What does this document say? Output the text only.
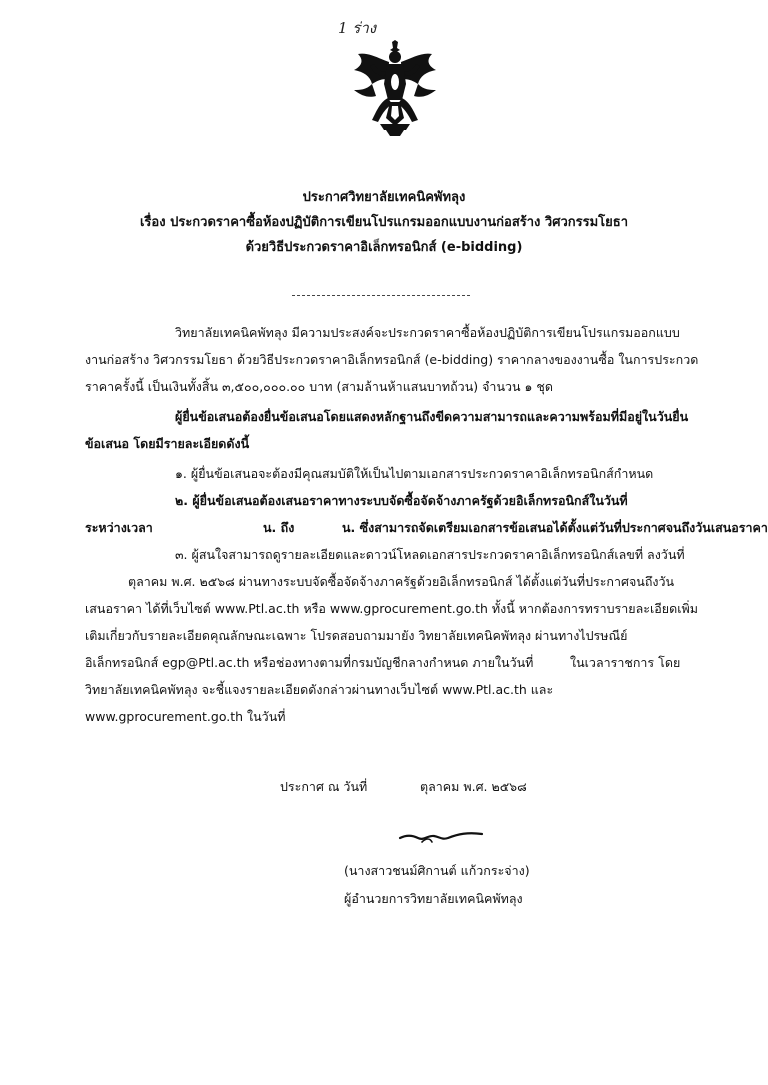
1 ร่าง
ประกาศวิทยาลัยเทคนิคพัทลุง
เรื่อง ประกวดราคาซื้อห้องปฏิบัติการเขียนโปรแกรมออกแบบงานก่อสร้าง วิศวกรรมโยธา
ด้วยวิธีประกวดราคาอิเล็กทรอนิกส์ (e-bidding)
วิทยาลัยเทคนิคพัทลุง มีความประสงค์จะประกวดราคาซื้อห้องปฏิบัติการเขียนโปรแกรมออกแบบ
งานก่อสร้าง วิศวกรรมโยธา ด้วยวิธีประกวดราคาอิเล็กทรอนิกส์ (e-bidding) ราคากลางของงานซื้อ ในการประกวด
ราคาครั้งนี้ เป็นเงินทั้งสิ้น ๓,๕๐๐,๐๐๐.๐๐ บาท (สามล้านห้าแสนบาทถ้วน) จำนวน ๑ ชุด
ผู้ยื่นข้อเสนอต้องยื่นข้อเสนอโดยแสดงหลักฐานถึงขีดความสามารถและความพร้อมที่มีอยู่ในวันยื่น
ข้อเสนอ โดยมีรายละเอียดดังนี้
๑. ผู้ยื่นข้อเสนอจะต้องมีคุณสมบัติให้เป็นไปตามเอกสารประกวดราคาอิเล็กทรอนิกส์กำหนด
๒. ผู้ยื่นข้อเสนอต้องเสนอราคาทางระบบจัดซื้อจัดจ้างภาครัฐด้วยอิเล็กทรอนิกส์ในวันที่
ระหว่างเวลา	น. ถึง	น. ซึ่งสามารถจัดเตรียมเอกสารข้อเสนอได้ตั้งแต่วันที่ประกาศจนถึงวันเสนอราคา
๓. ผู้สนใจสามารถดูรายละเอียดและดาวน์โหลดเอกสารประกวดราคาอิเล็กทรอนิกส์เลขที่ ลงวันที่
ตุลาคม พ.ศ. ๒๕๖๘ ผ่านทางระบบจัดซื้อจัดจ้างภาครัฐด้วยอิเล็กทรอนิกส์ ได้ตั้งแต่วันที่ประกาศจนถึงวัน
เสนอราคา ได้ที่เว็บไซต์ www.Ptl.ac.th หรือ www.gprocurement.go.th ทั้งนี้ หากต้องการทราบรายละเอียดเพิ่ม
เติมเกี่ยวกับรายละเอียดคุณลักษณะเฉพาะ โปรดสอบถามมายัง วิทยาลัยเทคนิคพัทลุง ผ่านทางไปรษณีย์
อิเล็กทรอนิกส์ egp@Ptl.ac.th หรือช่องทางตามที่กรมบัญชีกลางกำหนด ภายในวันที่	ในเวลาราชการ โดย
วิทยาลัยเทคนิคพัทลุง จะชี้แจงรายละเอียดดังกล่าวผ่านทางเว็บไซต์ www.Ptl.ac.th และ
www.gprocurement.go.th ในวันที่
ประกาศ ณ วันที่	ตุลาคม พ.ศ. ๒๕๖๘
(นางสาวชนม์ศิกานต์ แก้วกระจ่าง)
ผู้อำนวยการวิทยาลัยเทคนิคพัทลุง
